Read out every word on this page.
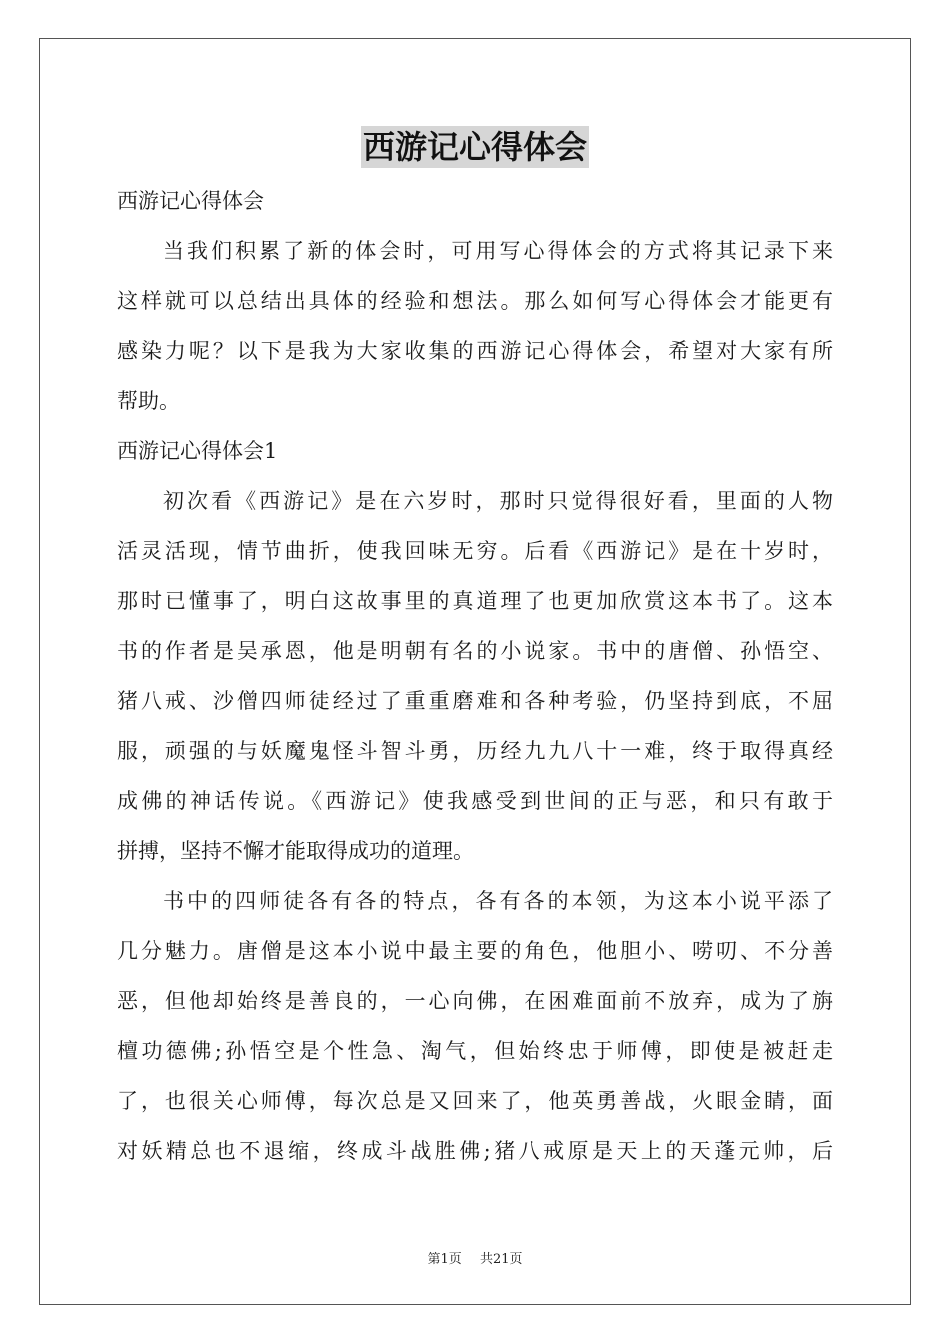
西游记心得体会
西游记心得体会
当我们积累了新的体会时，可用写心得体会的方式将其记录下来
这样就可以总结出具体的经验和想法。那么如何写心得体会才能更有
感染力呢？以下是我为大家收集的西游记心得体会，希望对大家有所
帮助。
西游记心得体会1
初次看《西游记》是在六岁时，那时只觉得很好看，里面的人物
活灵活现，情节曲折，使我回味无穷。后看《西游记》是在十岁时，
那时已懂事了，明白这故事里的真道理了也更加欣赏这本书了。这本
书的作者是吴承恩，他是明朝有名的小说家。书中的唐僧、孙悟空、
猪八戒、沙僧四师徒经过了重重磨难和各种考验，仍坚持到底，不屈
服，顽强的与妖魔鬼怪斗智斗勇，历经九九八十一难，终于取得真经
成佛的神话传说。《西游记》使我感受到世间的正与恶，和只有敢于
拼搏，坚持不懈才能取得成功的道理。
书中的四师徒各有各的特点，各有各的本领，为这本小说平添了
几分魅力。唐僧是这本小说中最主要的角色，他胆小、唠叨、不分善
恶，但他却始终是善良的，一心向佛，在困难面前不放弃，成为了旃
檀功德佛;孙悟空是个性急、淘气，但始终忠于师傅，即使是被赶走
了，也很关心师傅，每次总是又回来了，他英勇善战，火眼金睛，面
对妖精总也不退缩，终成斗战胜佛;猪八戒原是天上的天蓬元帅，后
第1页 共21页
